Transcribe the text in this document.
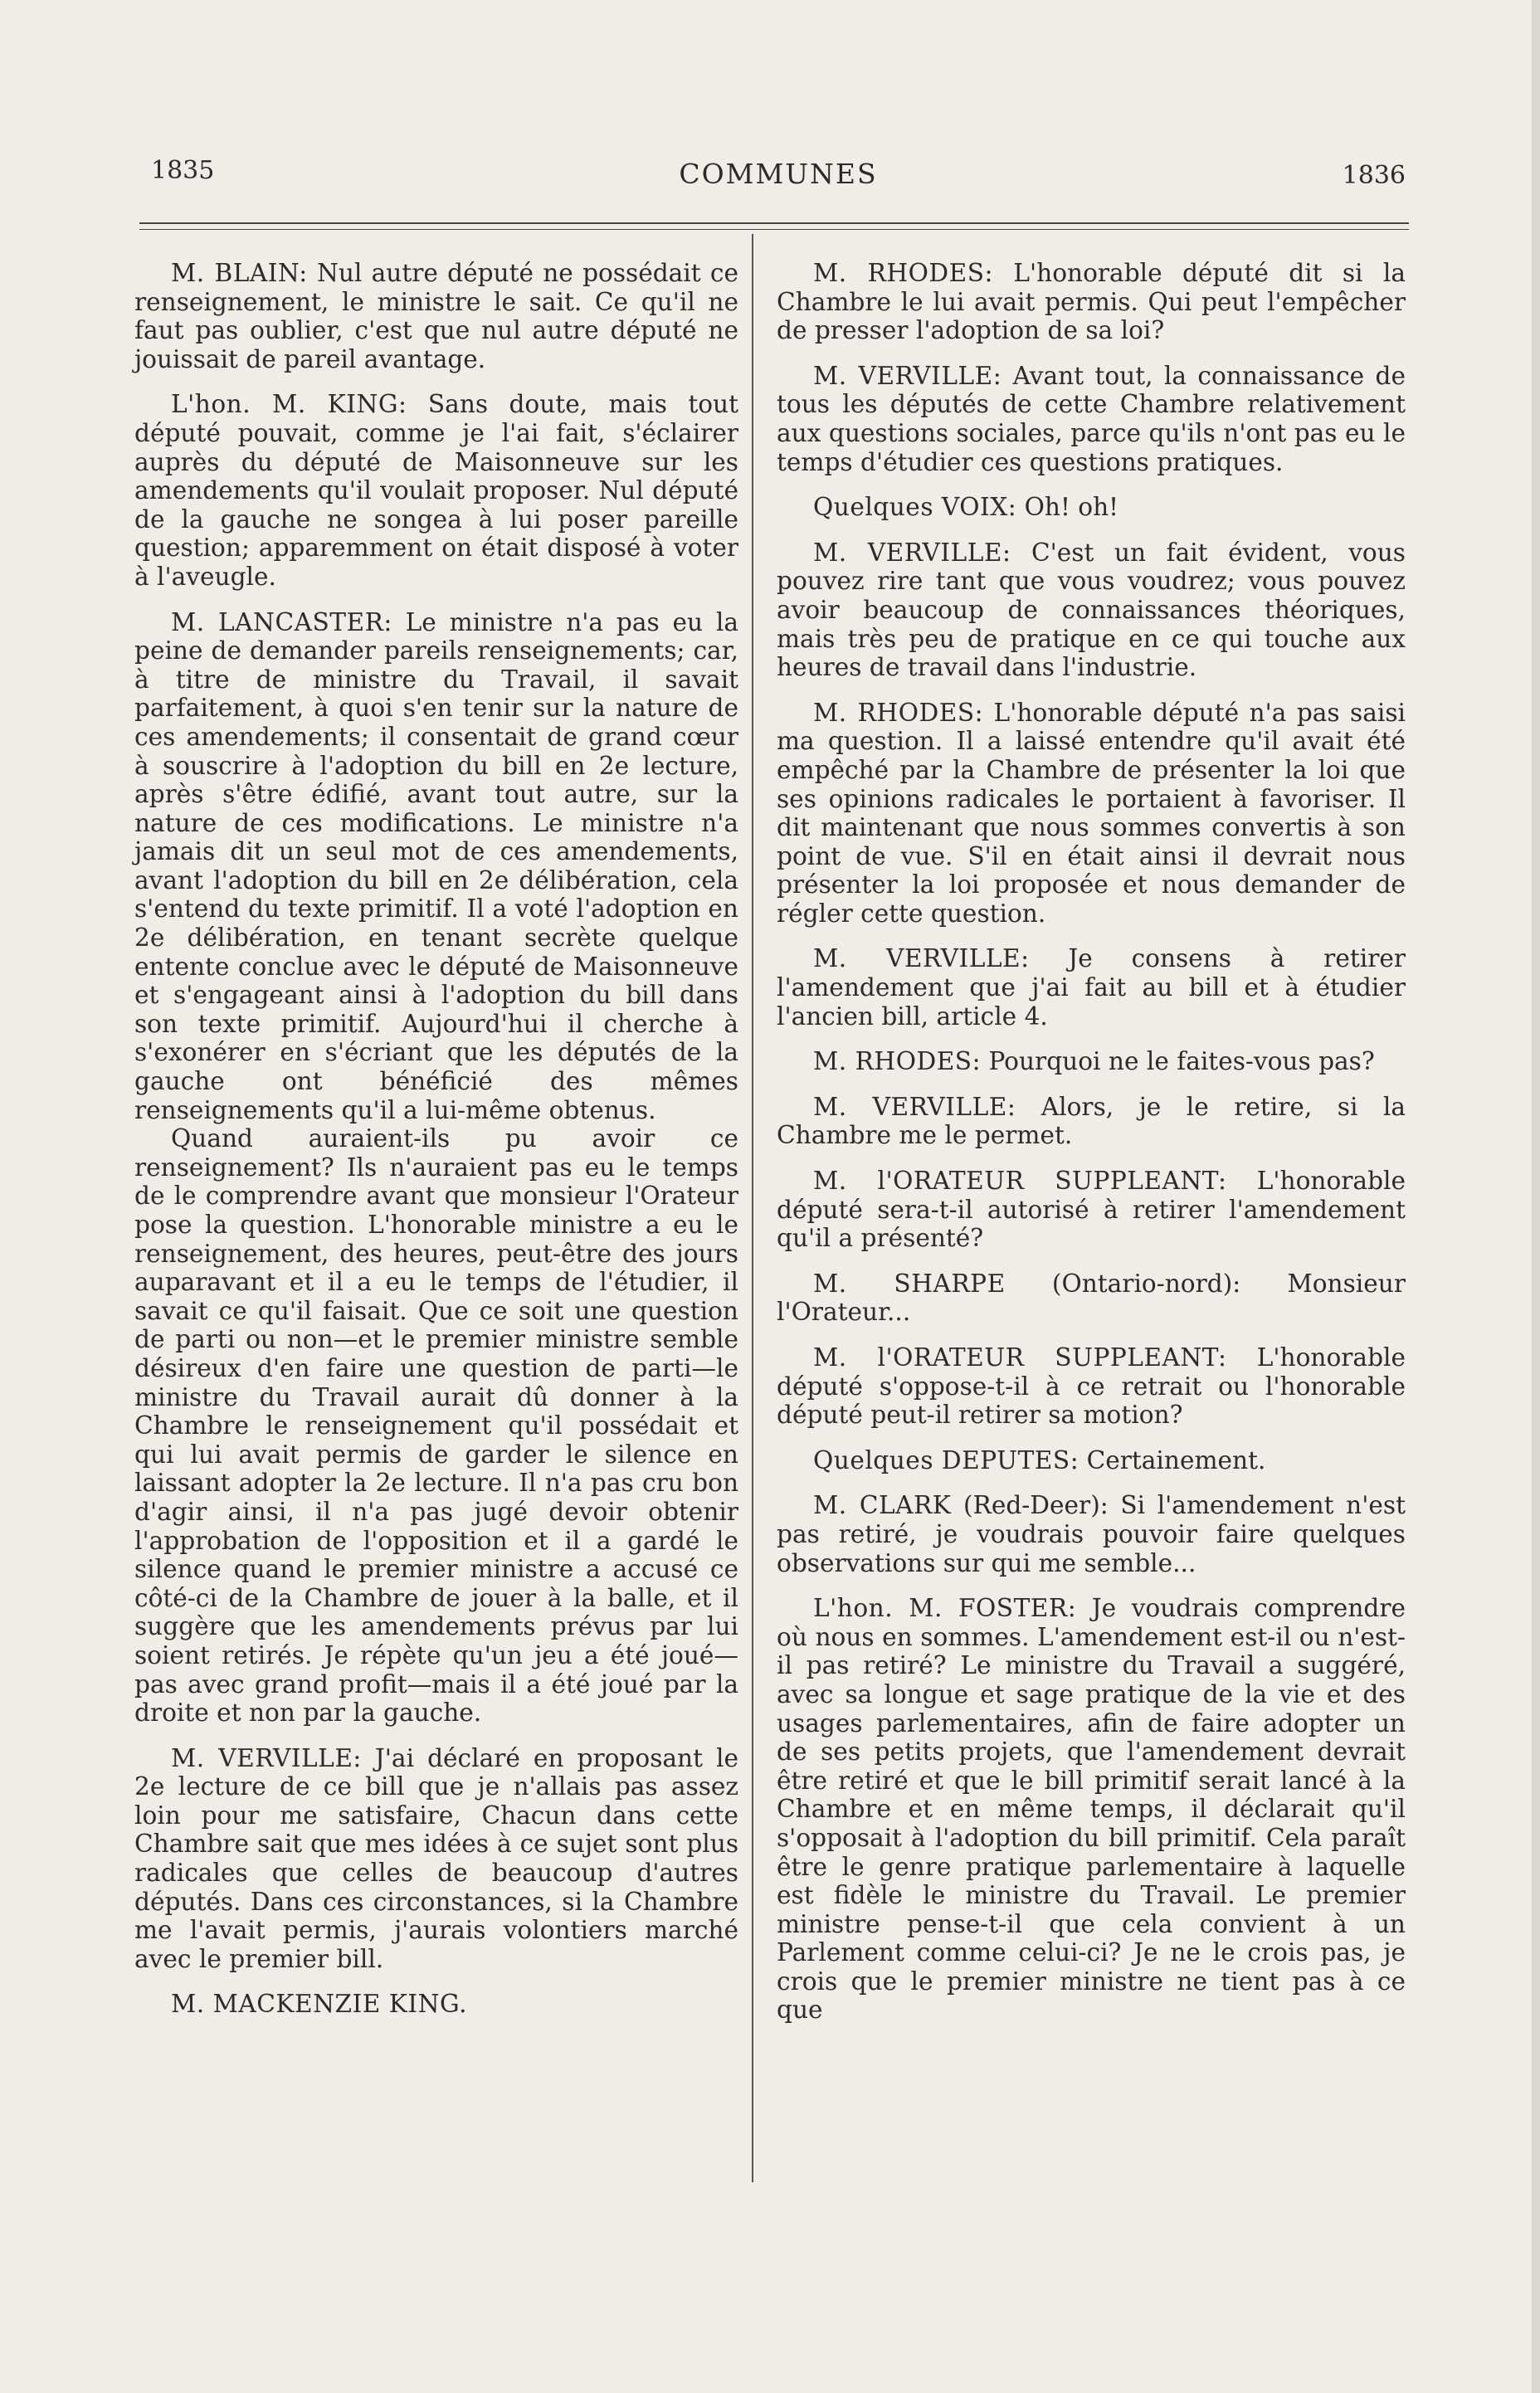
1835	COMMUNES	1836

M. BLAIN: Nul autre député ne possédait ce renseignement, le ministre le sait. Ce qu'il ne faut pas oublier, c'est que nul autre député ne jouissait de pareil avantage.

L'hon. M. KING: Sans doute, mais tout député pouvait, comme je l'ai fait, s'éclairer auprès du député de Maisonneuve sur les amendements qu'il voulait proposer. Nul député de la gauche ne songea à lui poser pareille question; apparemment on était disposé à voter à l'aveugle.

M. LANCASTER: Le ministre n'a pas eu la peine de demander pareils renseignements; car, à titre de ministre du Travail, il savait parfaitement, à quoi s'en tenir sur la nature de ces amendements; il consentait de grand cœur à souscrire à l'adoption du bill en 2e lecture, après s'être édifié, avant tout autre, sur la nature de ces modifications. Le ministre n'a jamais dit un seul mot de ces amendements, avant l'adoption du bill en 2e délibération, cela s'entend du texte primitif. Il a voté l'adoption en 2e délibération, en tenant secrète quelque entente conclue avec le député de Maisonneuve et s'engageant ainsi à l'adoption du bill dans son texte primitif. Aujourd'hui il cherche à s'exonérer en s'écriant que les députés de la gauche ont bénéficié des mêmes renseignements qu'il a lui-même obtenus.

Quand auraient-ils pu avoir ce renseignement? Ils n'auraient pas eu le temps de le comprendre avant que monsieur l'Orateur pose la question. L'honorable ministre a eu le renseignement, des heures, peut-être des jours auparavant et il a eu le temps de l'étudier, il savait ce qu'il faisait. Que ce soit une question de parti ou non—et le premier ministre semble désireux d'en faire une question de parti—le ministre du Travail aurait dû donner à la Chambre le renseignement qu'il possédait et qui lui avait permis de garder le silence en laissant adopter la 2e lecture. Il n'a pas cru bon d'agir ainsi, il n'a pas jugé devoir obtenir l'approbation de l'opposition et il a gardé le silence quand le premier ministre a accusé ce côté-ci de la Chambre de jouer à la balle, et il suggère que les amendements prévus par lui soient retirés. Je répète qu'un jeu a été joué—pas avec grand profit—mais il a été joué par la droite et non par la gauche.

M. VERVILLE: J'ai déclaré en proposant le 2e lecture de ce bill que je n'allais pas assez loin pour me satisfaire, Chacun dans cette Chambre sait que mes idées à ce sujet sont plus radicales que celles de beaucoup d'autres députés. Dans ces circonstances, si la Chambre me l'avait permis, j'aurais volontiers marché avec le premier bill.

M. MACKENZIE KING.

M. RHODES: L'honorable député dit si la Chambre le lui avait permis. Qui peut l'empêcher de presser l'adoption de sa loi?

M. VERVILLE: Avant tout, la connaissance de tous les députés de cette Chambre relativement aux questions sociales, parce qu'ils n'ont pas eu le temps d'étudier ces questions pratiques.

Quelques VOIX: Oh! oh!

M. VERVILLE: C'est un fait évident, vous pouvez rire tant que vous voudrez; vous pouvez avoir beaucoup de connaissances théoriques, mais très peu de pratique en ce qui touche aux heures de travail dans l'industrie.

M. RHODES: L'honorable député n'a pas saisi ma question. Il a laissé entendre qu'il avait été empêché par la Chambre de présenter la loi que ses opinions radicales le portaient à favoriser. Il dit maintenant que nous sommes convertis à son point de vue. S'il en était ainsi il devrait nous présenter la loi proposée et nous demander de régler cette question.

M. VERVILLE: Je consens à retirer l'amendement que j'ai fait au bill et à étudier l'ancien bill, article 4.

M. RHODES: Pourquoi ne le faites-vous pas?

M. VERVILLE: Alors, je le retire, si la Chambre me le permet.

M. l'ORATEUR SUPPLEANT: L'honorable député sera-t-il autorisé à retirer l'amendement qu'il a présenté?

M. SHARPE (Ontario-nord): Monsieur l'Orateur...

M. l'ORATEUR SUPPLEANT: L'honorable député s'oppose-t-il à ce retrait ou l'honorable député peut-il retirer sa motion?

Quelques DEPUTES: Certainement.

M. CLARK (Red-Deer): Si l'amendement n'est pas retiré, je voudrais pouvoir faire quelques observations sur qui me semble...

L'hon. M. FOSTER: Je voudrais comprendre où nous en sommes. L'amendement est-il ou n'est-il pas retiré? Le ministre du Travail a suggéré, avec sa longue et sage pratique de la vie et des usages parlementaires, afin de faire adopter un de ses petits projets, que l'amendement devrait être retiré et que le bill primitif serait lancé à la Chambre et en même temps, il déclarait qu'il s'opposait à l'adoption du bill primitif. Cela paraît être le genre pratique parlementaire à laquelle est fidèle le ministre du Travail. Le premier ministre pense-t-il que cela convient à un Parlement comme celui-ci? Je ne le crois pas, je crois que le premier ministre ne tient pas à ce que
